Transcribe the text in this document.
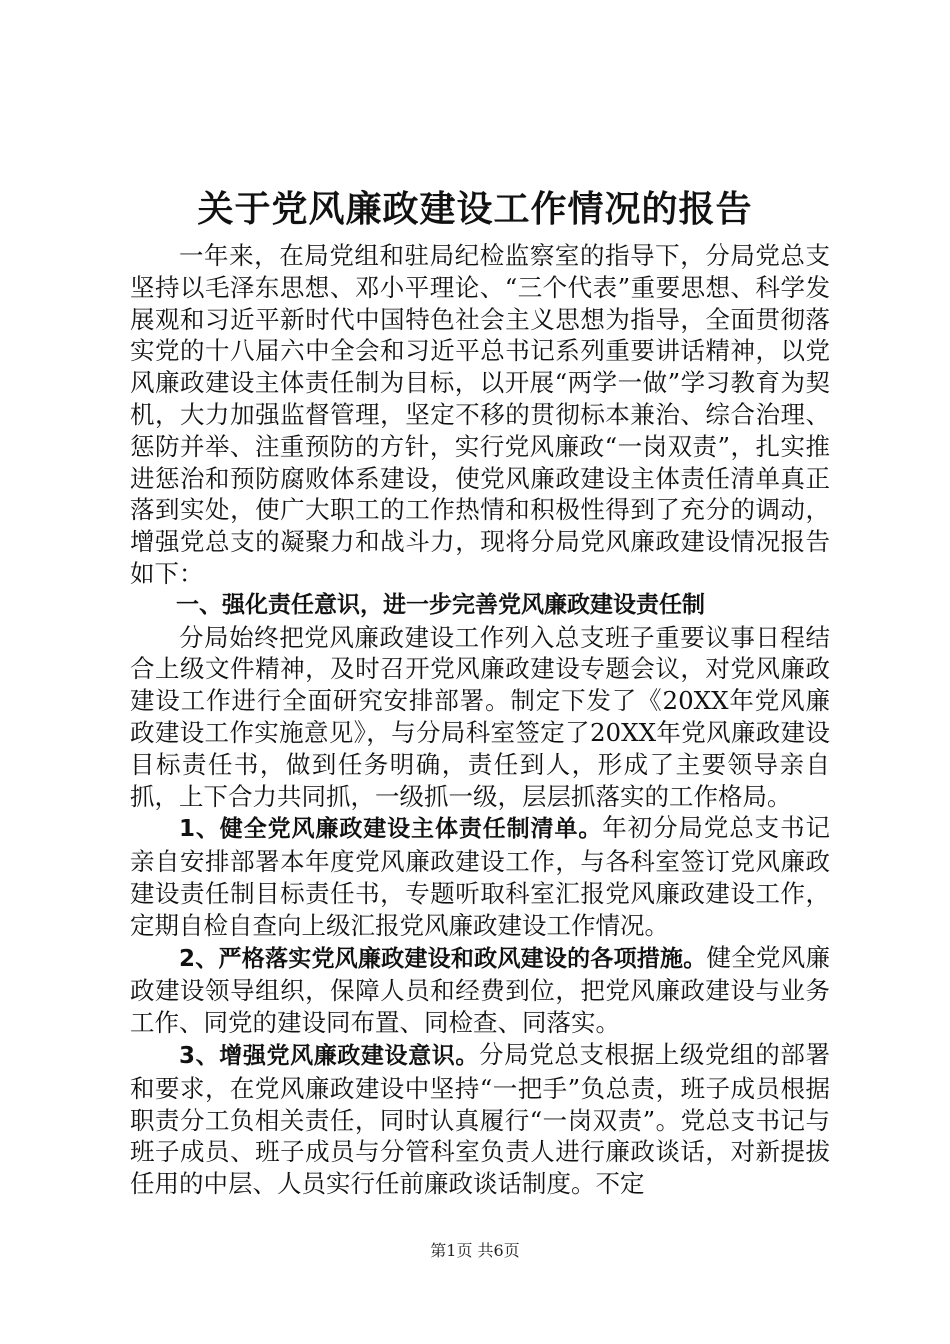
关于党风廉政建设工作情况的报告

一年来，在局党组和驻局纪检监察室的指导下，分局党总支坚持以毛泽东思想、邓小平理论、“三个代表”重要思想、科学发展观和习近平新时代中国特色社会主义思想为指导，全面贯彻落实党的十八届六中全会和习近平总书记系列重要讲话精神，以党风廉政建设主体责任制为目标，以开展“两学一做”学习教育为契机，大力加强监督管理，坚定不移的贯彻标本兼治、综合治理、惩防并举、注重预防的方针，实行党风廉政“一岗双责”，扎实推进惩治和预防腐败体系建设，使党风廉政建设主体责任清单真正落到实处，使广大职工的工作热情和积极性得到了充分的调动，增强党总支的凝聚力和战斗力，现将分局党风廉政建设情况报告如下：

一、强化责任意识，进一步完善党风廉政建设责任制

分局始终把党风廉政建设工作列入总支班子重要议事日程结合上级文件精神，及时召开党风廉政建设专题会议，对党风廉政建设工作进行全面研究安排部署。制定下发了《20XX年党风廉政建设工作实施意见》，与分局科室签定了20XX年党风廉政建设目标责任书，做到任务明确，责任到人，形成了主要领导亲自抓，上下合力共同抓，一级抓一级，层层抓落实的工作格局。

1、健全党风廉政建设主体责任制清单。年初分局党总支书记亲自安排部署本年度党风廉政建设工作，与各科室签订党风廉政建设责任制目标责任书，专题听取科室汇报党风廉政建设工作，定期自检自查向上级汇报党风廉政建设工作情况。

2、严格落实党风廉政建设和政风建设的各项措施。健全党风廉政建设领导组织，保障人员和经费到位，把党风廉政建设与业务工作、同党的建设同布置、同检查、同落实。

3、增强党风廉政建设意识。分局党总支根据上级党组的部署和要求，在党风廉政建设中坚持“一把手”负总责，班子成员根据职责分工负相关责任，同时认真履行“一岗双责”。党总支书记与班子成员、班子成员与分管科室负责人进行廉政谈话，对新提拔任用的中层、人员实行任前廉政谈话制度。不定

第1页 共6页
